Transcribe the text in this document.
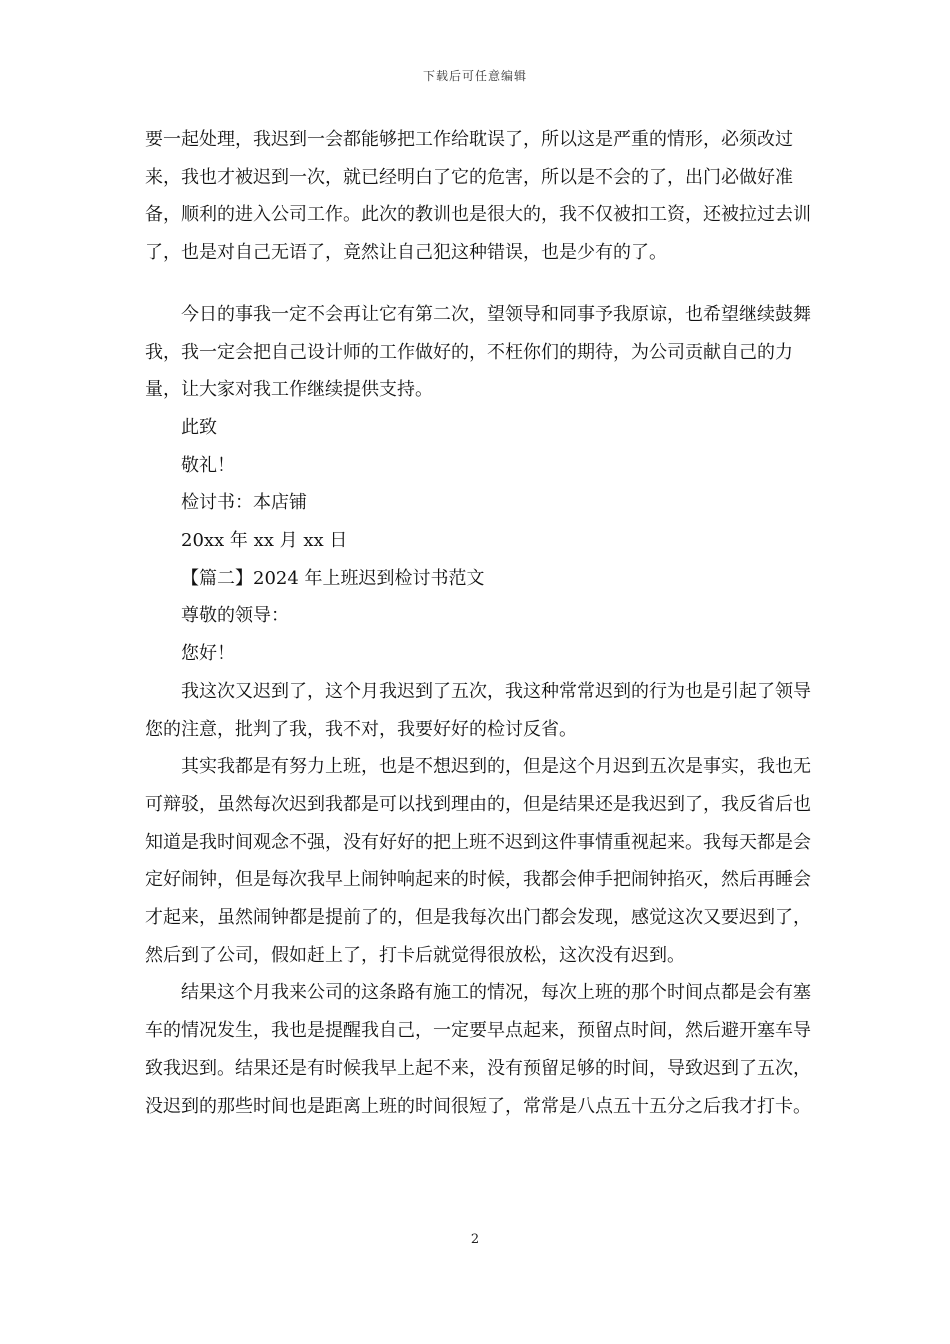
下载后可任意编辑

要一起处理，我迟到一会都能够把工作给耽误了，所以这是严重的情形，必须改过来，我也才被迟到一次，就已经明白了它的危害，所以是不会的了，出门必做好准备，顺利的进入公司工作。此次的教训也是很大的，我不仅被扣工资，还被拉过去训了，也是对自己无语了，竟然让自己犯这种错误，也是少有的了。

今日的事我一定不会再让它有第二次，望领导和同事予我原谅，也希望继续鼓舞我，我一定会把自己设计师的工作做好的，不枉你们的期待，为公司贡献自己的力量，让大家对我工作继续提供支持。

此致

敬礼！

检讨书：本店铺

20xx 年 xx 月 xx 日

【篇二】2024 年上班迟到检讨书范文

尊敬的领导：

您好！

我这次又迟到了，这个月我迟到了五次，我这种常常迟到的行为也是引起了领导您的注意，批判了我，我不对，我要好好的检讨反省。

其实我都是有努力上班，也是不想迟到的，但是这个月迟到五次是事实，我也无可辩驳，虽然每次迟到我都是可以找到理由的，但是结果还是我迟到了，我反省后也知道是我时间观念不强，没有好好的把上班不迟到这件事情重视起来。我每天都是会定好闹钟，但是每次我早上闹钟响起来的时候，我都会伸手把闹钟掐灭，然后再睡会才起来，虽然闹钟都是提前了的，但是我每次出门都会发现，感觉这次又要迟到了，然后到了公司，假如赶上了，打卡后就觉得很放松，这次没有迟到。

结果这个月我来公司的这条路有施工的情况，每次上班的那个时间点都是会有塞车的情况发生，我也是提醒我自己，一定要早点起来，预留点时间，然后避开塞车导致我迟到。结果还是有时候我早上起不来，没有预留足够的时间，导致迟到了五次，没迟到的那些时间也是距离上班的时间很短了，常常是八点五十五分之后我才打卡。

2
